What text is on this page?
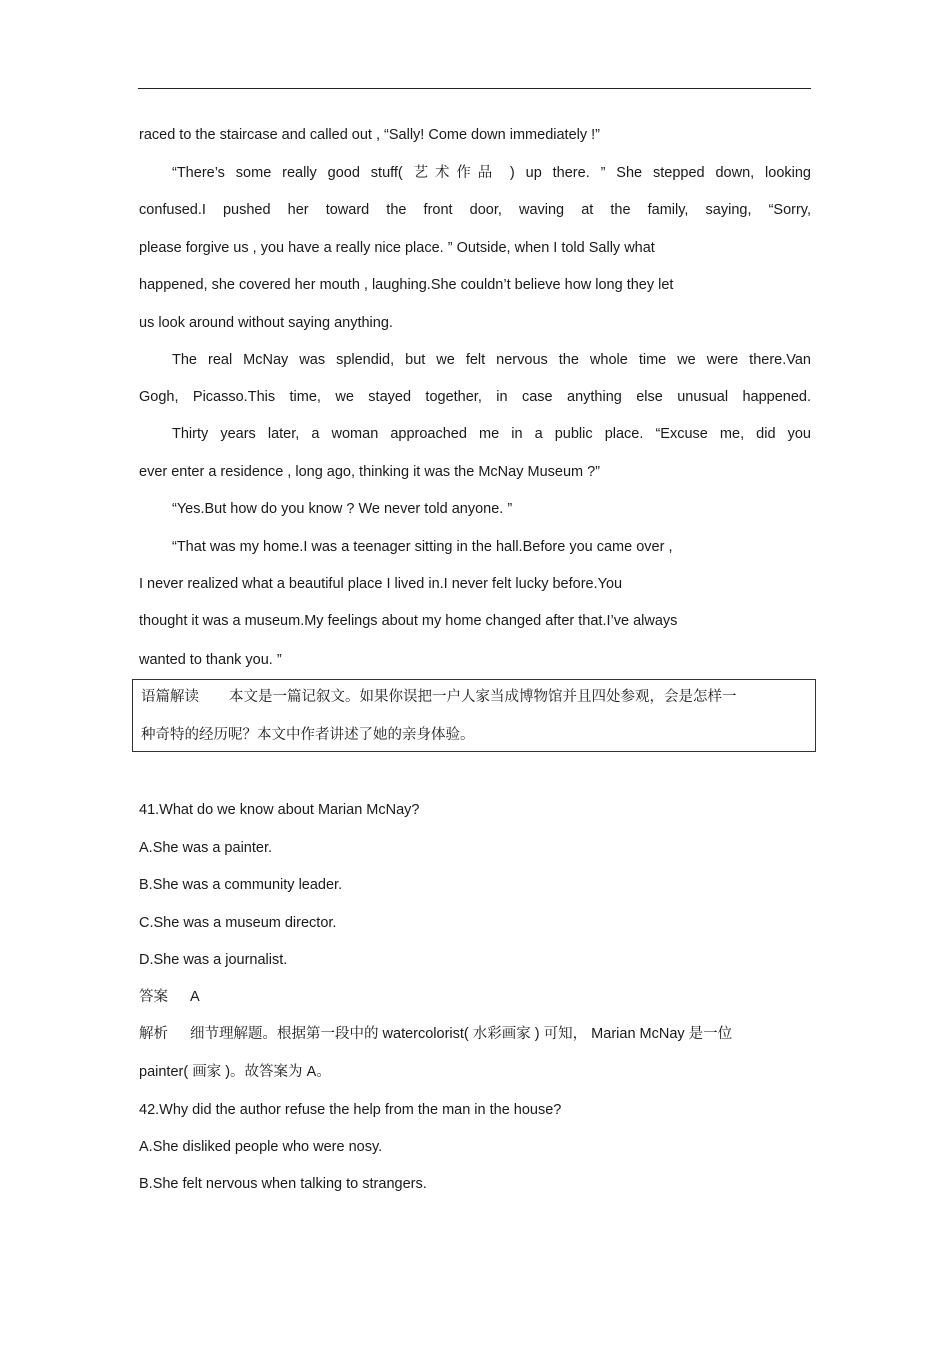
raced to the staircase and called out , “Sally! Come down immediately !”
“There’s some really good stuff( 艺术作品 ) up there. ” She stepped down, looking
confused.I pushed her toward the front door, waving at the family, saying, “Sorry,
please forgive us , you have a really nice place. ” Outside, when I told Sally what
happened, she covered her mouth , laughing.She couldn’t believe how long they let
us look around without saying anything.
The real McNay was splendid, but we felt nervous the whole time we were there.Van
Gogh, Picasso.This time, we stayed together, in case anything else unusual happened.
Thirty years later, a woman approached me in a public place. “Excuse me, did you
ever enter a residence , long ago, thinking it was the McNay Museum ?”
“Yes.But how do you know ? We never told anyone. ”
“That was my home.I was a teenager sitting in the hall.Before you came over ,
I never realized what a beautiful place I lived in.I never felt lucky before.You
thought it was a museum.My feelings about my home changed after that.I’ve always
wanted to thank you. ”
语篇解读 本文是一篇记叙文。如果你误把一户人家当成博物馆并且四处参观，会是怎样一
种奇特的经历呢？本文中作者讲述了她的亲身体验。
41.What do we know about Marian McNay?
A.She was a painter.
B.She was a community leader.
C.She was a museum director.
D.She was a journalist.
答案 A
解析 细节理解题。根据第一段中的 watercolorist( 水彩画家 ) 可知， Marian McNay 是一位
painter( 画家 )。故答案为 A。
42.Why did the author refuse the help from the man in the house?
A.She disliked people who were nosy.
B.She felt nervous when talking to strangers.
